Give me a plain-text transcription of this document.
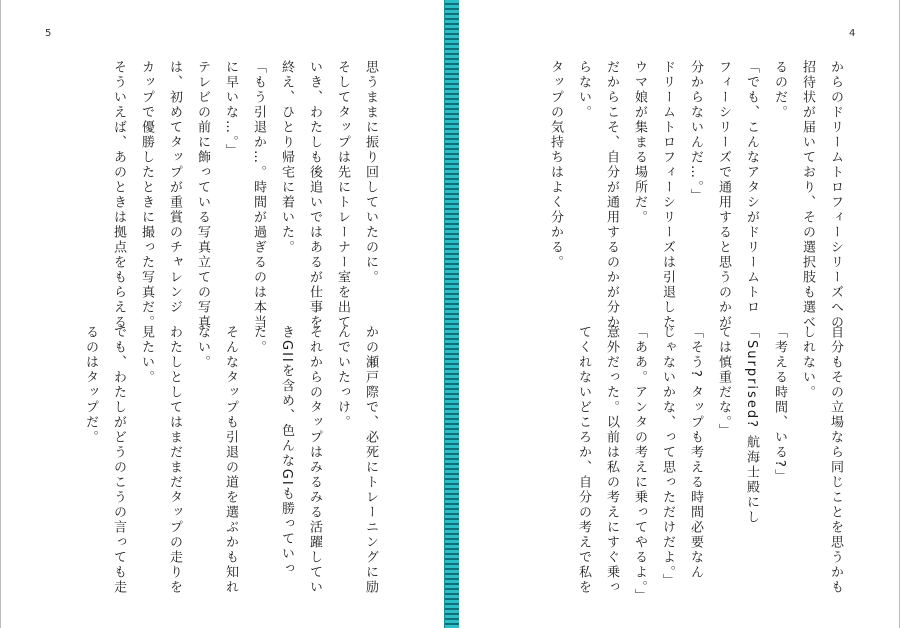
5
思うままに振り回していたのに。
そしてタップは先にトレーナー室を出て
いき、わたしも後追いではあるが仕事を
終え、ひとり帰宅に着いた。
「もう引退か…。時間が過ぎるのは本当
に早いな…。」
テレビの前に飾っている写真立ての写真
は、初めてタップが重賞のチャレンジ
カップで優勝したときに撮った写真だ。
そういえば、あのときは拠点をもらえる
かの瀬戸際で、必死にトレーニングに励
んでいたっけ。
それからのタップはみるみる活躍してい
きGIIを含め、色んなGIも勝っていっ
た。
そんなタップも引退の道を選ぶかも知れ
ない。
わたしとしてはまだまだタップの走りを
見たい。
でも、わたしがどうのこうの言っても走
るのはタップだ。
4
からのドリームトロフィーシリーズへの
招待状が届いており、その選択肢も選べ
るのだ。
「でも、こんなアタシがドリームトロ
フィーシリーズで通用すると思うのかが
分からないんだ…。」
ドリームトロフィーシリーズは引退した
ウマ娘が集まる場所だ。
だからこそ、自分が通用するのかが分か
らない。
タップの気持ちはよく分かる。
自分もその立場なら同じことを思うかも
しれない。
「考える時間、いる?」
「Surprised? 航海士殿にし
ては慎重だな。」
「そう? タップも考える時間必要なん
じゃないかな、って思っただけだよ。」
「ああ。アンタの考えに乗ってやるよ。」
意外だった。以前は私の考えにすぐ乗っ
てくれないどころか、自分の考えで私を
